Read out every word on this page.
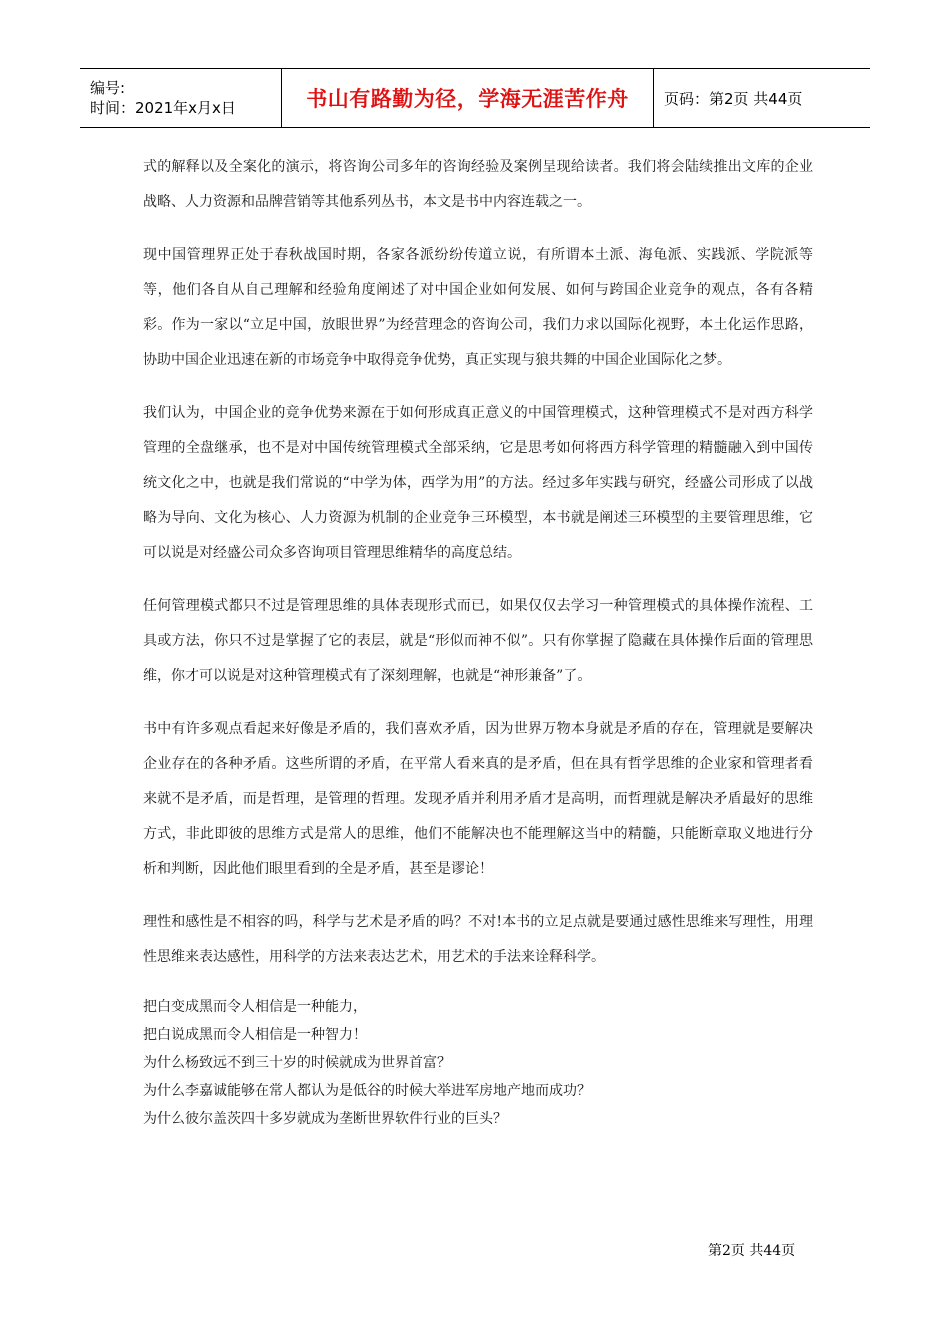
编号:
时间：2021年x月x日	书山有路勤为径，学海无涯苦作舟 页码：第2页 共44页

式的解释以及全案化的演示，将咨询公司多年的咨询经验及案例呈现给读者。我们将会陆续推出文库的企业战略、人力资源和品牌营销等其他系列丛书，本文是书中内容连载之一。

现中国管理界正处于春秋战国时期，各家各派纷纷传道立说，有所谓本土派、海龟派、实践派、学院派等等，他们各自从自己理解和经验角度阐述了对中国企业如何发展、如何与跨国企业竞争的观点，各有各精彩。作为一家以“立足中国，放眼世界”为经营理念的咨询公司，我们力求以国际化视野，本土化运作思路，协助中国企业迅速在新的市场竞争中取得竞争优势，真正实现与狼共舞的中国企业国际化之梦。

我们认为，中国企业的竞争优势来源在于如何形成真正意义的中国管理模式，这种管理模式不是对西方科学管理的全盘继承，也不是对中国传统管理模式全部采纳，它是思考如何将西方科学管理的精髓融入到中国传统文化之中，也就是我们常说的“中学为体，西学为用”的方法。经过多年实践与研究，经盛公司形成了以战略为导向、文化为核心、人力资源为机制的企业竞争三环模型，本书就是阐述三环模型的主要管理思维，它可以说是对经盛公司众多咨询项目管理思维精华的高度总结。

任何管理模式都只不过是管理思维的具体表现形式而已，如果仅仅去学习一种管理模式的具体操作流程、工具或方法，你只不过是掌握了它的表层，就是“形似而神不似”。只有你掌握了隐藏在具体操作后面的管理思维，你才可以说是对这种管理模式有了深刻理解，也就是“神形兼备”了。

书中有许多观点看起来好像是矛盾的，我们喜欢矛盾，因为世界万物本身就是矛盾的存在，管理就是要解决企业存在的各种矛盾。这些所谓的矛盾，在平常人看来真的是矛盾，但在具有哲学思维的企业家和管理者看来就不是矛盾，而是哲理，是管理的哲理。发现矛盾并利用矛盾才是高明，而哲理就是解决矛盾最好的思维方式，非此即彼的思维方式是常人的思维，他们不能解决也不能理解这当中的精髓，只能断章取义地进行分析和判断，因此他们眼里看到的全是矛盾，甚至是谬论！

理性和感性是不相容的吗，科学与艺术是矛盾的吗？不对!本书的立足点就是要通过感性思维来写理性，用理性思维来表达感性，用科学的方法来表达艺术，用艺术的手法来诠释科学。

把白变成黑而令人相信是一种能力，
把白说成黑而令人相信是一种智力！
为什么杨致远不到三十岁的时候就成为世界首富？
为什么李嘉诚能够在常人都认为是低谷的时候大举进军房地产地而成功？
为什么彼尔盖茨四十多岁就成为垄断世界软件行业的巨头？
第2页 共44页
